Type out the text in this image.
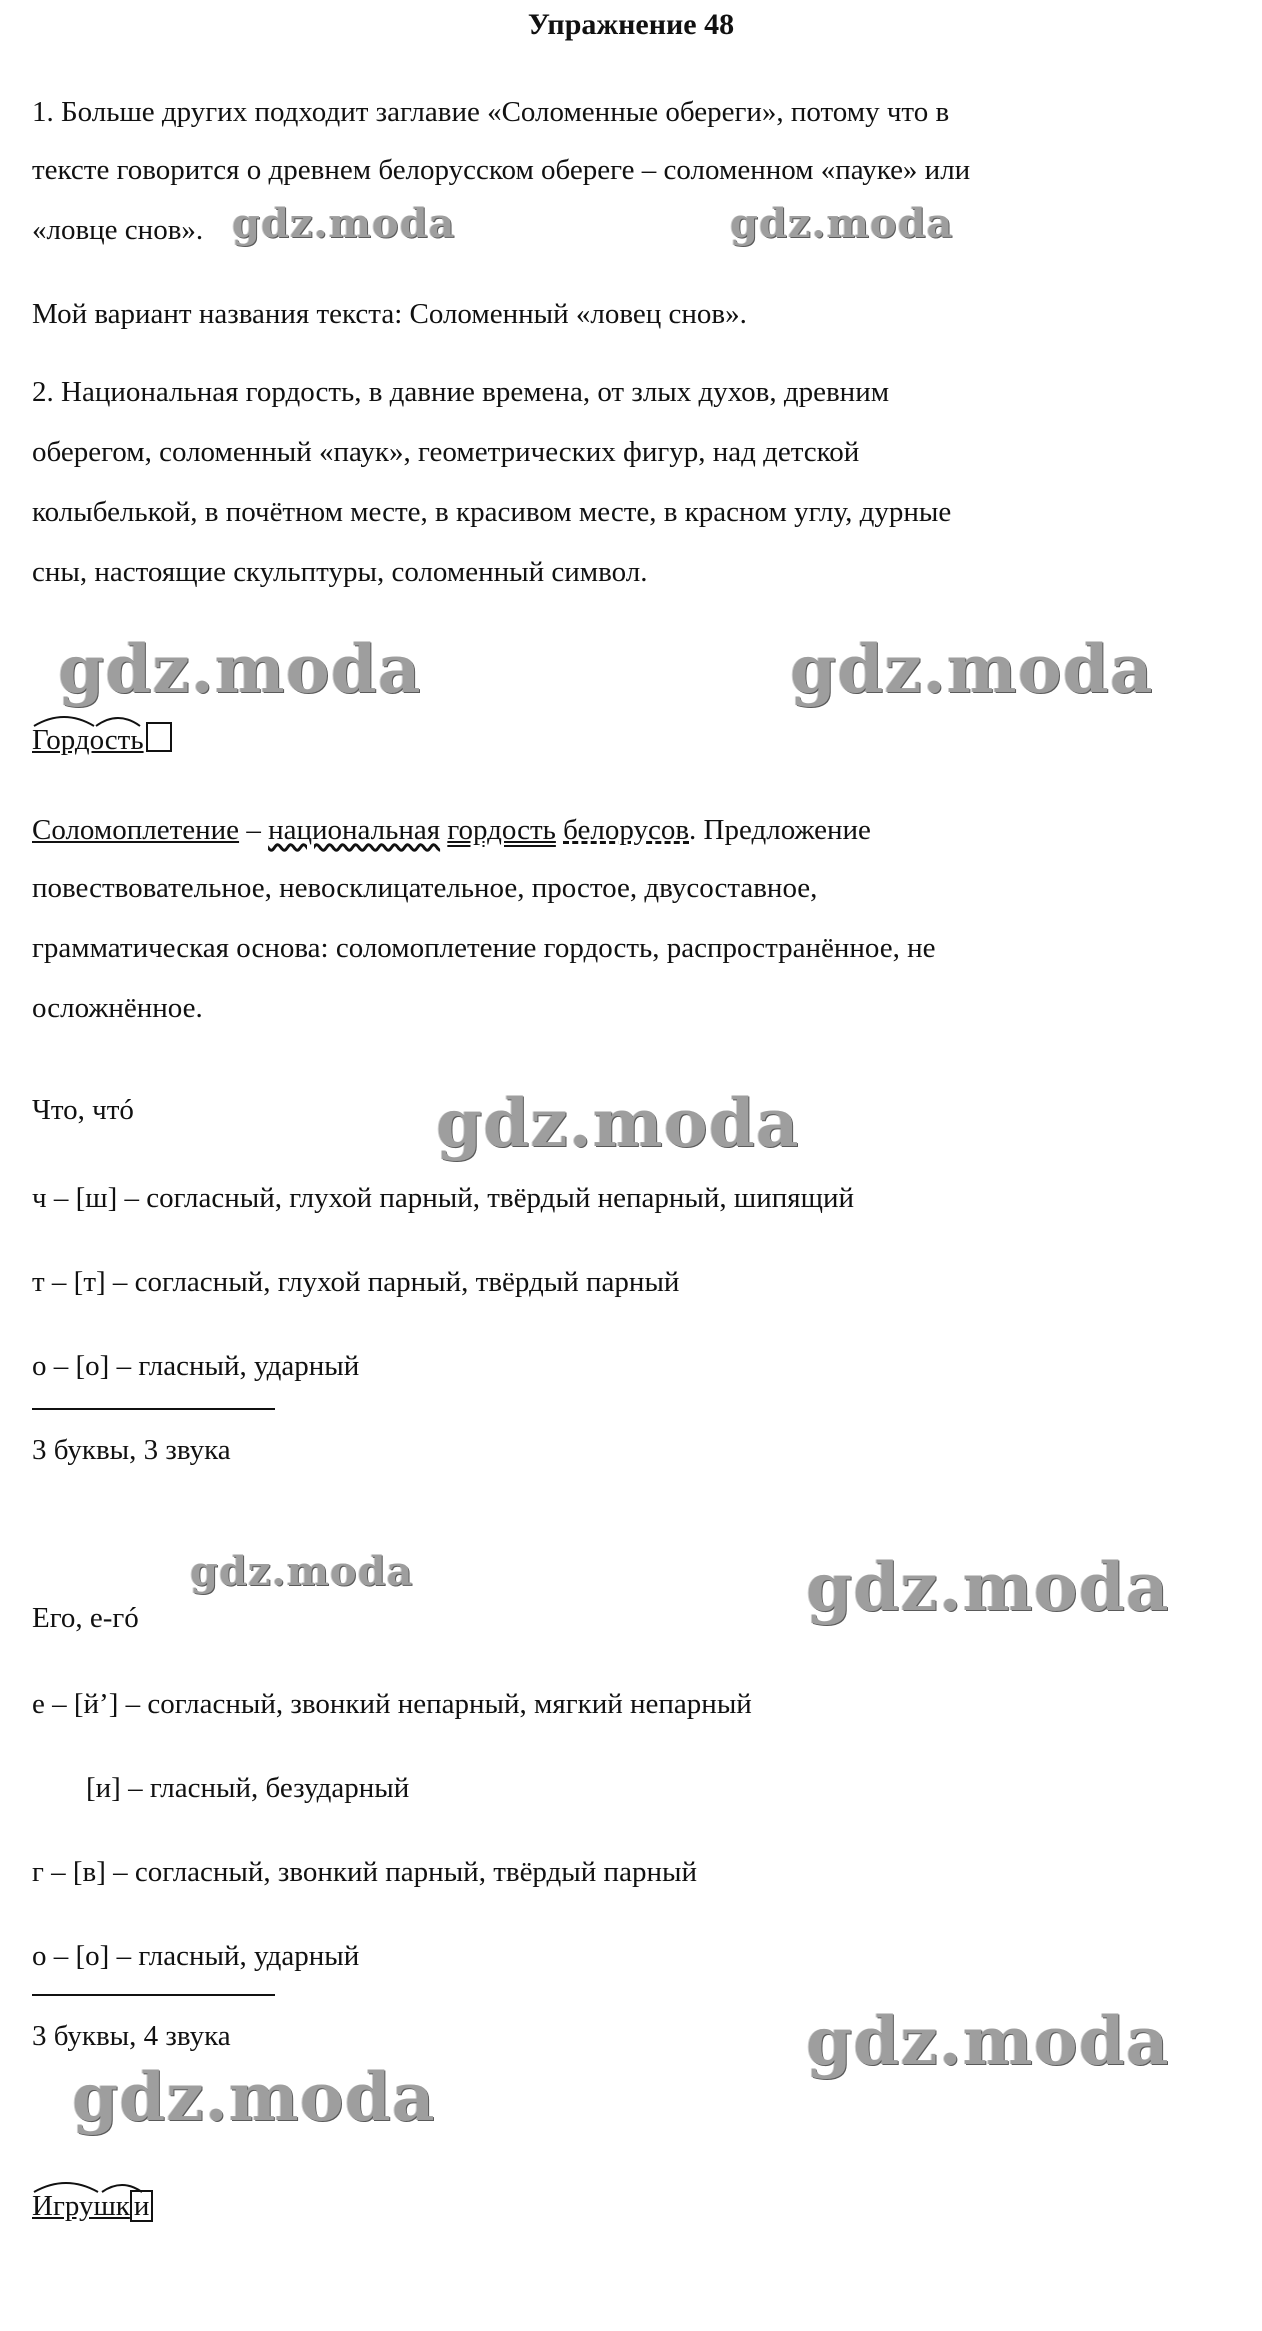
Упражнение 48
1. Больше других подходит заглавие «Соломенные обереги», потому что в
тексте говорится о древнем белорусском обереге – соломенном «пауке» или
«ловце снов».
Мой вариант названия текста: Соломенный «ловец снов».
2. Национальная гордость, в давние времена, от злых духов, древним
оберегом, соломенный «паук», геометрических фигур, над детской
колыбелькой, в почётном месте, в красивом месте, в красном углу, дурные
сны, настоящие скульптуры, соломенный символ.
Гордость
Соломоплетение – национальная гордость белорусов. Предложение
повествовательное, невосклицательное, простое, двусоставное,
грамматическая основа: соломоплетение гордость, распространённое, не
осложнённое.
Что, чтó
ч – [ш] – согласный, глухой парный, твёрдый непарный, шипящий
т – [т] – согласный, глухой парный, твёрдый парный
о – [о] – гласный, ударный
3 буквы, 3 звука
Его, е-гó
е – [й’] – согласный, звонкий непарный, мягкий непарный
[и] – гласный, безударный
г – [в] – согласный, звонкий парный, твёрдый парный
о – [о] – гласный, ударный
3 буквы, 4 звука
Игрушк и
gdz.moda	gdz.moda
gdz.moda	gdz.moda
gdz.moda
gdz.moda	gdz.moda
gdz.moda
gdz.moda
